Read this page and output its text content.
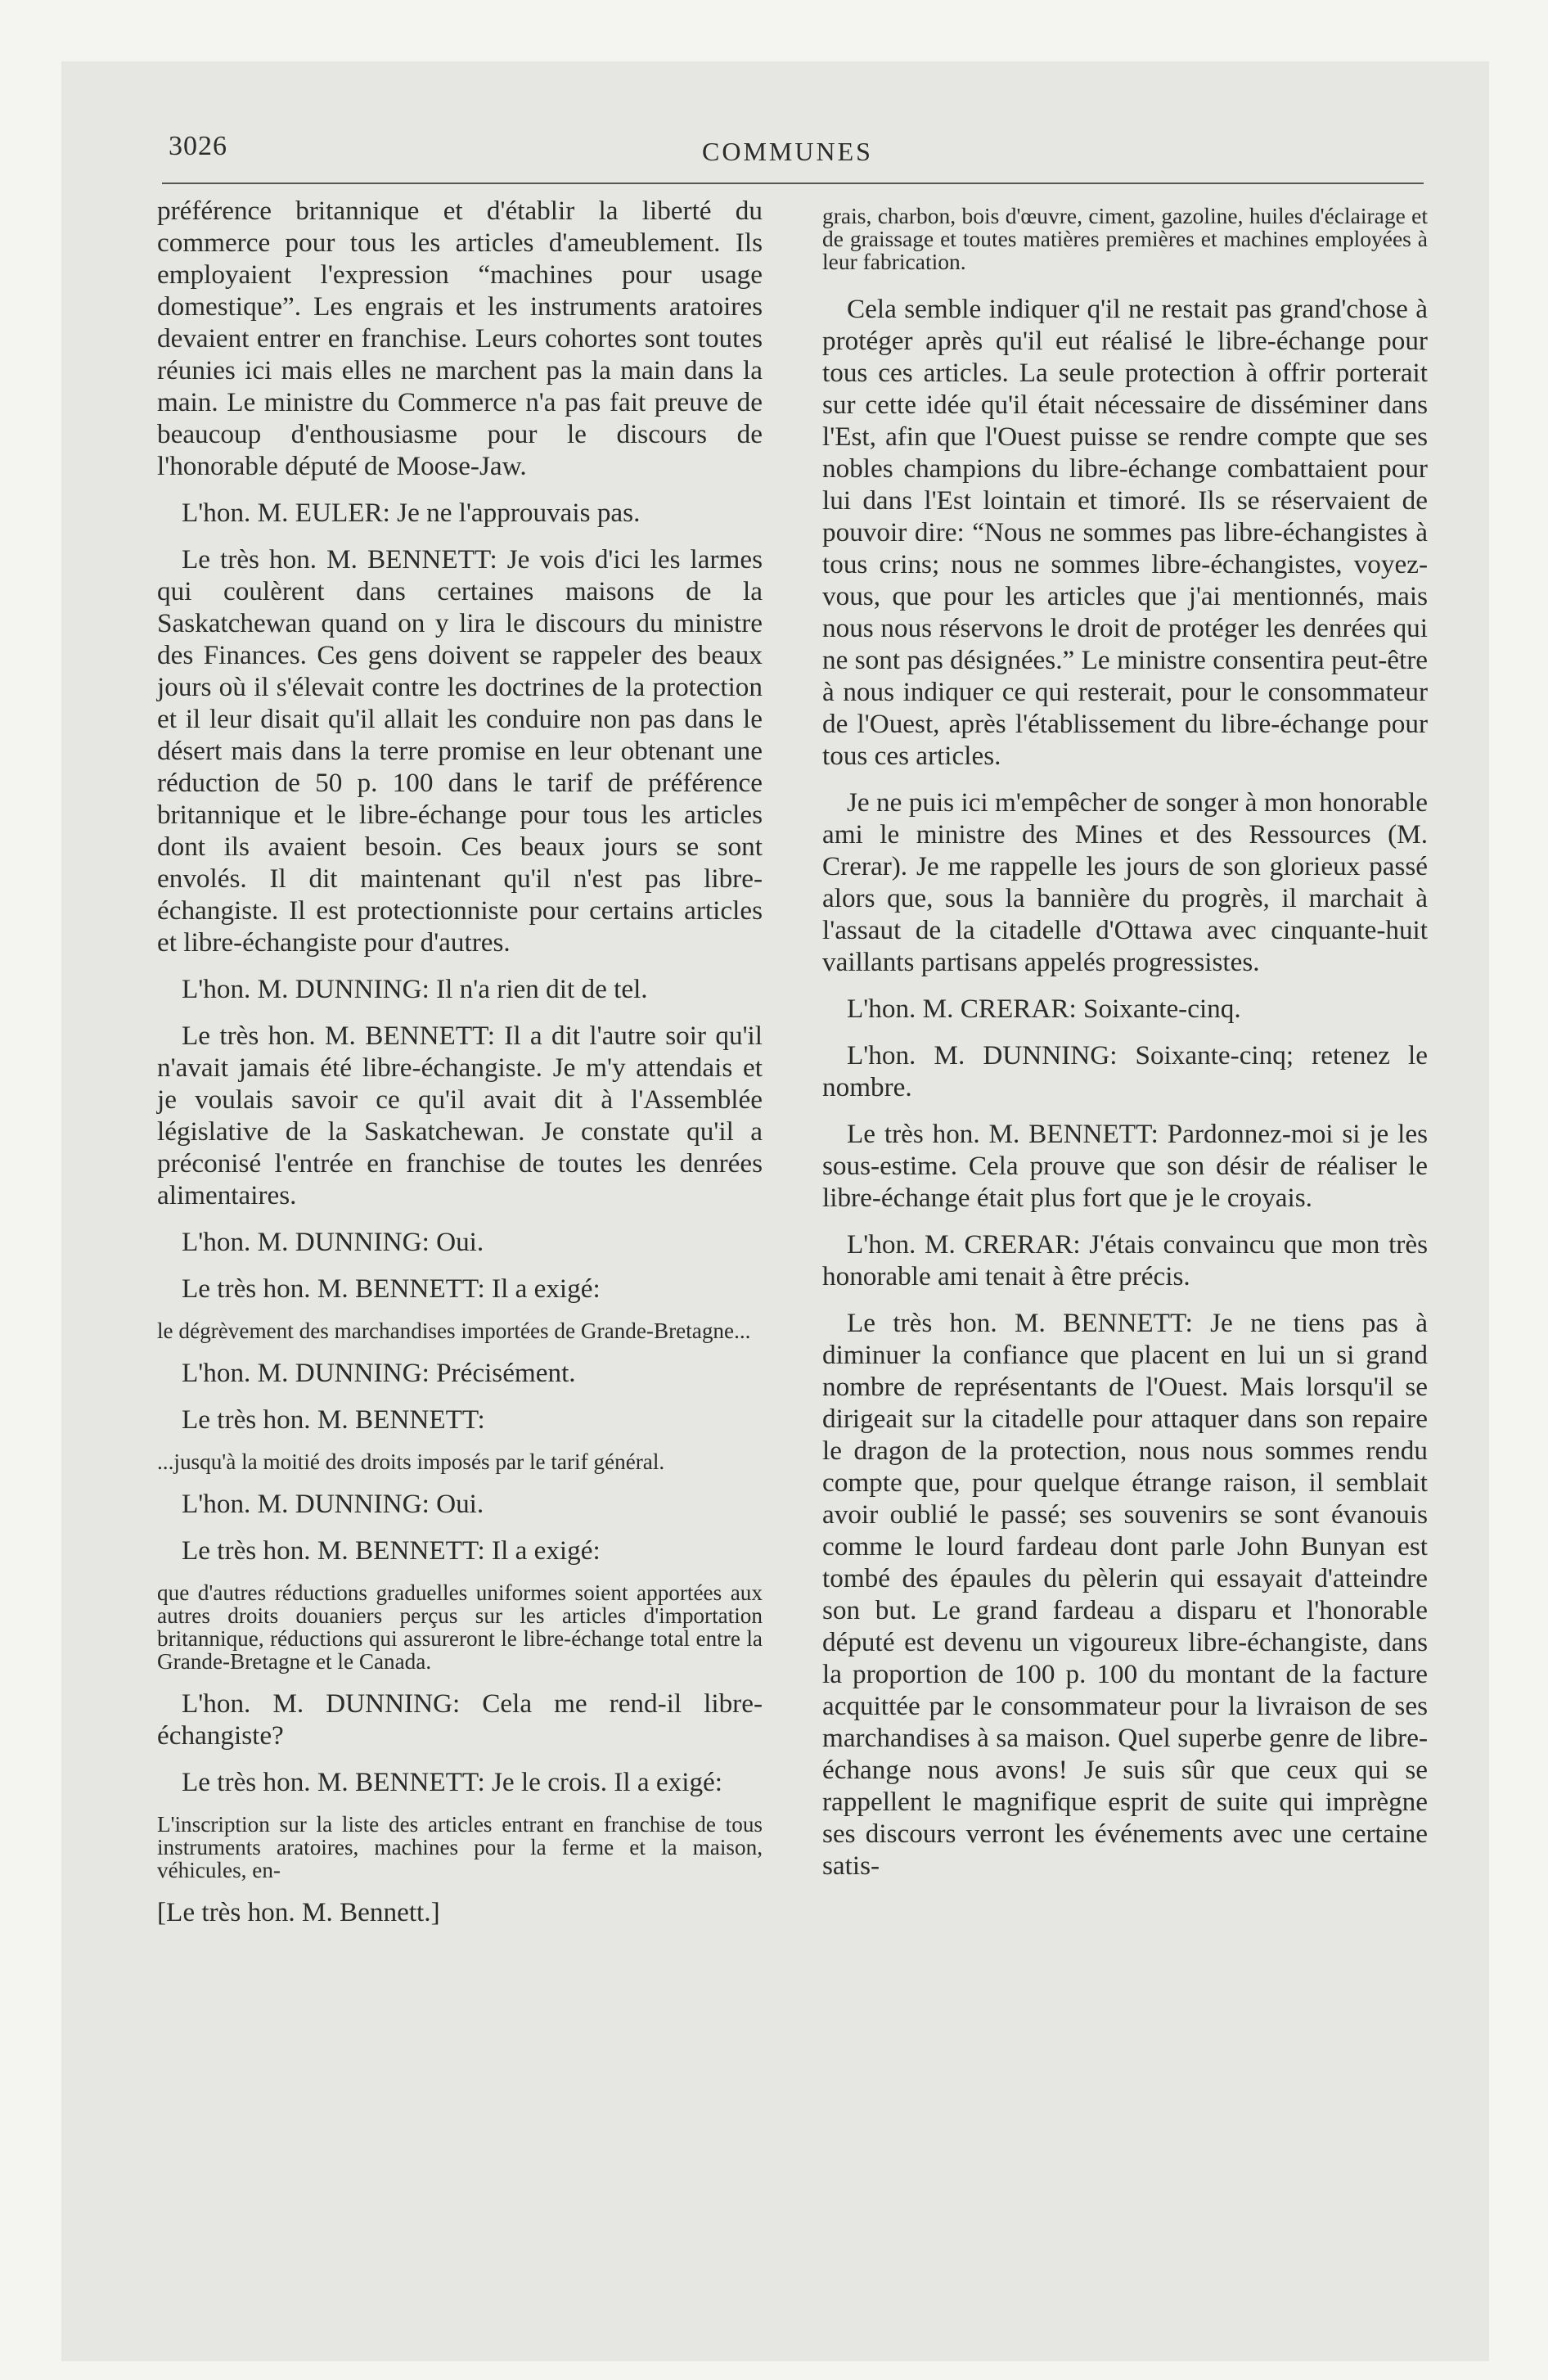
3026	COMMUNES

préférence britannique et d'établir la liberté du commerce pour tous les articles d'ameublement. Ils employaient l'expression “machines pour usage domestique”. Les engrais et les instruments aratoires devaient entrer en franchise. Leurs cohortes sont toutes réunies ici mais elles ne marchent pas la main dans la main. Le ministre du Commerce n'a pas fait preuve de beaucoup d'enthousiasme pour le discours de l'honorable député de Moose-Jaw.

L'hon. M. EULER: Je ne l'approuvais pas.

Le très hon. M. BENNETT: Je vois d'ici les larmes qui coulèrent dans certaines maisons de la Saskatchewan quand on y lira le discours du ministre des Finances. Ces gens doivent se rappeler des beaux jours où il s'élevait contre les doctrines de la protection et il leur disait qu'il allait les conduire non pas dans le désert mais dans la terre promise en leur obtenant une réduction de 50 p. 100 dans le tarif de préférence britannique et le libre-échange pour tous les articles dont ils avaient besoin. Ces beaux jours se sont envolés. Il dit maintenant qu'il n'est pas libre-échangiste. Il est protectionniste pour certains articles et libre-échangiste pour d'autres.

L'hon. M. DUNNING: Il n'a rien dit de tel.

Le très hon. M. BENNETT: Il a dit l'autre soir qu'il n'avait jamais été libre-échangiste. Je m'y attendais et je voulais savoir ce qu'il avait dit à l'Assemblée législative de la Saskatchewan. Je constate qu'il a préconisé l'entrée en franchise de toutes les denrées alimentaires.

L'hon. M. DUNNING: Oui.

Le très hon. M. BENNETT: Il a exigé:

le dégrèvement des marchandises importées de Grande-Bretagne...

L'hon. M. DUNNING: Précisément.

Le très hon. M. BENNETT:

...jusqu'à la moitié des droits imposés par le tarif général.

L'hon. M. DUNNING: Oui.

Le très hon. M. BENNETT: Il a exigé:

que d'autres réductions graduelles uniformes soient apportées aux autres droits douaniers perçus sur les articles d'importation britannique, réductions qui assureront le libre-échange total entre la Grande-Bretagne et le Canada.

L'hon. M. DUNNING: Cela me rend-il libre-échangiste?

Le très hon. M. BENNETT: Je le crois. Il a exigé:

L'inscription sur la liste des articles entrant en franchise de tous instruments aratoires, machines pour la ferme et la maison, véhicules, en-

[Le très hon. M. Bennett.]

grais, charbon, bois d'œuvre, ciment, gazoline, huiles d'éclairage et de graissage et toutes matières premières et machines employées à leur fabrication.

Cela semble indiquer q'il ne restait pas grand'chose à protéger après qu'il eut réalisé le libre-échange pour tous ces articles. La seule protection à offrir porterait sur cette idée qu'il était nécessaire de disséminer dans l'Est, afin que l'Ouest puisse se rendre compte que ses nobles champions du libre-échange combattaient pour lui dans l'Est lointain et timoré. Ils se réservaient de pouvoir dire: “Nous ne sommes pas libre-échangistes à tous crins; nous ne sommes libre-échangistes, voyez-vous, que pour les articles que j'ai mentionnés, mais nous nous réservons le droit de protéger les denrées qui ne sont pas désignées.” Le ministre consentira peut-être à nous indiquer ce qui resterait, pour le consommateur de l'Ouest, après l'établissement du libre-échange pour tous ces articles.

Je ne puis ici m'empêcher de songer à mon honorable ami le ministre des Mines et des Ressources (M. Crerar). Je me rappelle les jours de son glorieux passé alors que, sous la bannière du progrès, il marchait à l'assaut de la citadelle d'Ottawa avec cinquante-huit vaillants partisans appelés progressistes.

L'hon. M. CRERAR: Soixante-cinq.

L'hon. M. DUNNING: Soixante-cinq; retenez le nombre.

Le très hon. M. BENNETT: Pardonnez-moi si je les sous-estime. Cela prouve que son désir de réaliser le libre-échange était plus fort que je le croyais.

L'hon. M. CRERAR: J'étais convaincu que mon très honorable ami tenait à être précis.

Le très hon. M. BENNETT: Je ne tiens pas à diminuer la confiance que placent en lui un si grand nombre de représentants de l'Ouest. Mais lorsqu'il se dirigeait sur la citadelle pour attaquer dans son repaire le dragon de la protection, nous nous sommes rendu compte que, pour quelque étrange raison, il semblait avoir oublié le passé; ses souvenirs se sont évanouis comme le lourd fardeau dont parle John Bunyan est tombé des épaules du pèlerin qui essayait d'atteindre son but. Le grand fardeau a disparu et l'honorable député est devenu un vigoureux libre-échangiste, dans la proportion de 100 p. 100 du montant de la facture acquittée par le consommateur pour la livraison de ses marchandises à sa maison. Quel superbe genre de libre-échange nous avons! Je suis sûr que ceux qui se rappellent le magnifique esprit de suite qui imprègne ses discours verront les événements avec une certaine satis-
